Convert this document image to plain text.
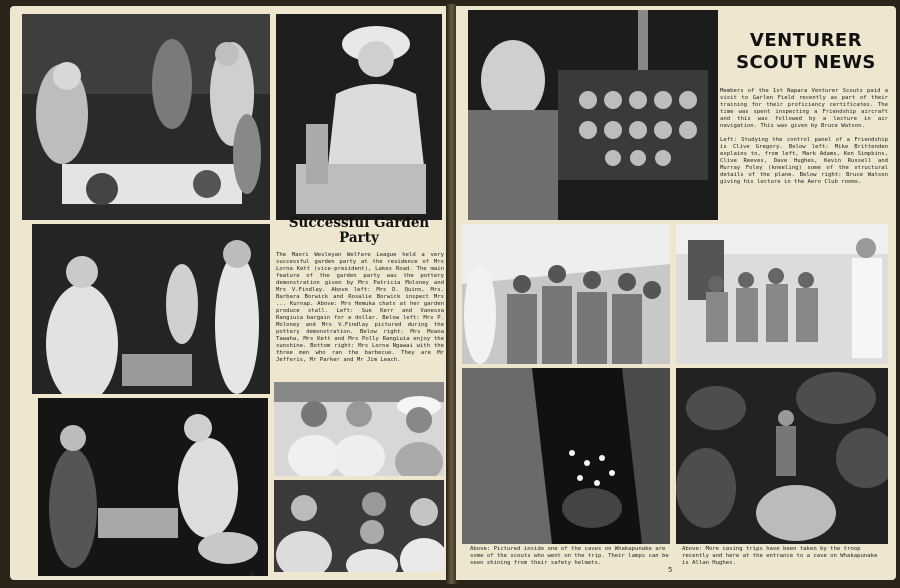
Successful Garden
Party
The Maori Wesleyan Welfare League held a very successful garden party at the residence of Mrs Lorna Kett (vice-president), Lakes Road. The main feature of the garden party was the pottery demonstration given by Mrs Patricia Moloney and Mrs V.Findlay. Above left: Mrs D. Quinn, Mrs. Barbara Borwick and Rosalie Borwick inspect Mrs ... Kurnap. Above: Mrs Hemuka chats at her garden produce stall. Left: Sue Kerr and Vanessa Rangiuia bargain for a dollar. Below left: Mrs P. Moloney and Mrs V.Findlay pictured during the pottery demonstration. Below right: Mrs Moana Tawaha, Mrs Kett and Mrs Polly Rangiuia enjoy the sunshine. Bottom right: Mrs Lorna Ngawai with the three men who ran the barbecue. They are Mr Jefferis, Mr Parker and Mr Jim Leach.
4
VENTURER
SCOUT NEWS
Members of the 1st Napara Venturer Scouts paid a visit to Garlen Field recently as part of their training for their proficiency certificates. The time was spent inspecting a Friendship aircraft and this was followed by a lecture in air navigation. This was given by Bruce Watson.
Left: Studying the control panel of a Friendship is Clive Gregory. Below left: Mike Brittenden explains to, from left, Mark Adams, Ken Simpkins, Clive Reeves, Dave Hughes, Kevin Russell and Murray Foley (kneeling) some of the structural details of the plane. Below right: Bruce Watson giving his lecture in the Aero Club rooms.
Above: Pictured inside one of the caves on Whakapunake are some of the scouts who went on the trip. Their lamps can be seen shining from their safety helmets.
Above: More caving trips have been taken by the troop recently and here at the entrance to a cave on Whakapunake is Allan Hughes.
5
